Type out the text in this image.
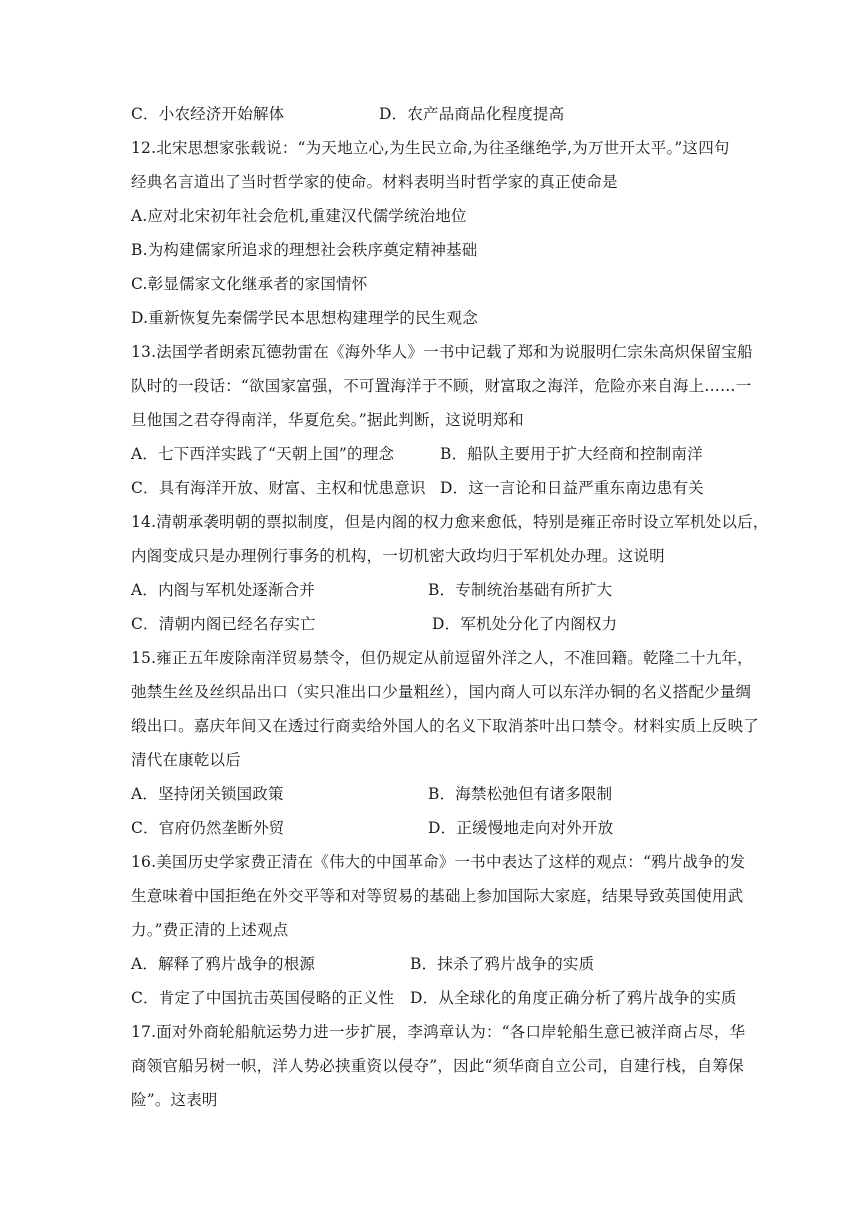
C．小农经济开始解体	D．农产品商品化程度提高
12.北宋思想家张载说：“为天地立心,为生民立命,为往圣继绝学,为万世开太平。”这四句
经典名言道出了当时哲学家的使命。材料表明当时哲学家的真正使命是
A.应对北宋初年社会危机,重建汉代儒学统治地位
B.为构建儒家所追求的理想社会秩序奠定精神基础
C.彰显儒家文化继承者的家国情怀
D.重新恢复先秦儒学民本思想构建理学的民生观念
13.法国学者朗索瓦德勃雷在《海外华人》一书中记载了郑和为说服明仁宗朱高炽保留宝船
队时的一段话：“欲国家富强，不可置海洋于不顾，财富取之海洋，危险亦来自海上……一
旦他国之君夺得南洋，华夏危矣。”据此判断，这说明郑和
A．七下西洋实践了“天朝上国”的理念	B．船队主要用于扩大经商和控制南洋
C．具有海洋开放、财富、主权和忧患意识 D．这一言论和日益严重东南边患有关
14.清朝承袭明朝的票拟制度，但是内阁的权力愈来愈低，特别是雍正帝时设立军机处以后，
内阁变成只是办理例行事务的机构，一切机密大政均归于军机处办理。这说明
A．内阁与军机处逐渐合并	B．专制统治基础有所扩大
C．清朝内阁已经名存实亡	D．军机处分化了内阁权力
15.雍正五年废除南洋贸易禁令，但仍规定从前逗留外洋之人，不准回籍。乾隆二十九年，
弛禁生丝及丝织品出口（实只准出口少量粗丝），国内商人可以东洋办铜的名义搭配少量绸
缎出口。嘉庆年间又在透过行商卖给外国人的名义下取消茶叶出口禁令。材料实质上反映了
清代在康乾以后
A．坚持闭关锁国政策	B．海禁松弛但有诸多限制
C．官府仍然垄断外贸	D．正缓慢地走向对外开放
16.美国历史学家费正清在《伟大的中国革命》一书中表达了这样的观点：“鸦片战争的发
生意味着中国拒绝在外交平等和对等贸易的基础上参加国际大家庭，结果导致英国使用武
力。”费正清的上述观点
A．解释了鸦片战争的根源	B．抹杀了鸦片战争的实质
C．肯定了中国抗击英国侵略的正义性 D．从全球化的角度正确分析了鸦片战争的实质
17.面对外商轮船航运势力进一步扩展，李鸿章认为：“各口岸轮船生意已被洋商占尽，华
商领官船另树一帜，洋人势必挟重资以侵夺”，因此“须华商自立公司，自建行栈，自筹保
险”。这表明
